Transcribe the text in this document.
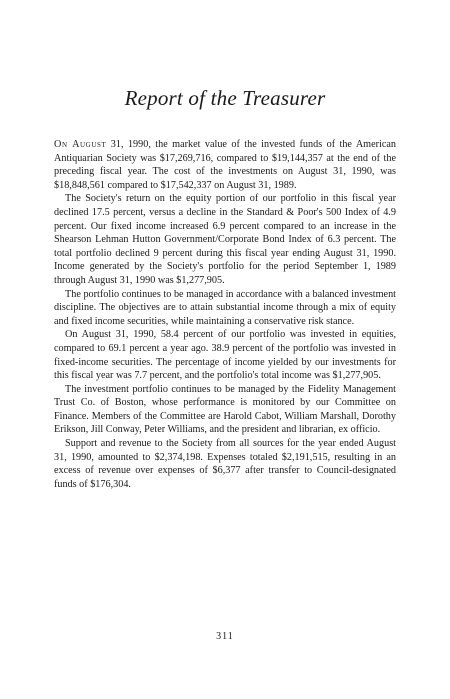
Report of the Treasurer

On August 31, 1990, the market value of the invested funds of the American Antiquarian Society was $17,269,716, compared to $19,144,357 at the end of the preceding fiscal year. The cost of the investments on August 31, 1990, was $18,848,561 compared to $17,542,337 on August 31, 1989.

The Society's return on the equity portion of our portfolio in this fiscal year declined 17.5 percent, versus a decline in the Standard & Poor's 500 Index of 4.9 percent. Our fixed income increased 6.9 percent compared to an increase in the Shearson Lehman Hutton Government/Corporate Bond Index of 6.3 percent. The total portfolio declined 9 percent during this fiscal year ending August 31, 1990. Income generated by the Society's portfolio for the period September 1, 1989 through August 31, 1990 was $1,277,905.

The portfolio continues to be managed in accordance with a balanced investment discipline. The objectives are to attain substantial income through a mix of equity and fixed income securities, while maintaining a conservative risk stance.

On August 31, 1990, 58.4 percent of our portfolio was invested in equities, compared to 69.1 percent a year ago. 38.9 percent of the portfolio was invested in fixed-income securities. The percentage of income yielded by our investments for this fiscal year was 7.7 percent, and the portfolio's total income was $1,277,905.

The investment portfolio continues to be managed by the Fidelity Management Trust Co. of Boston, whose performance is monitored by our Committee on Finance. Members of the Committee are Harold Cabot, William Marshall, Dorothy Erikson, Jill Conway, Peter Williams, and the president and librarian, ex officio.

Support and revenue to the Society from all sources for the year ended August 31, 1990, amounted to $2,374,198. Expenses totaled $2,191,515, resulting in an excess of revenue over expenses of $6,377 after transfer to Council-designated funds of $176,304.

311
